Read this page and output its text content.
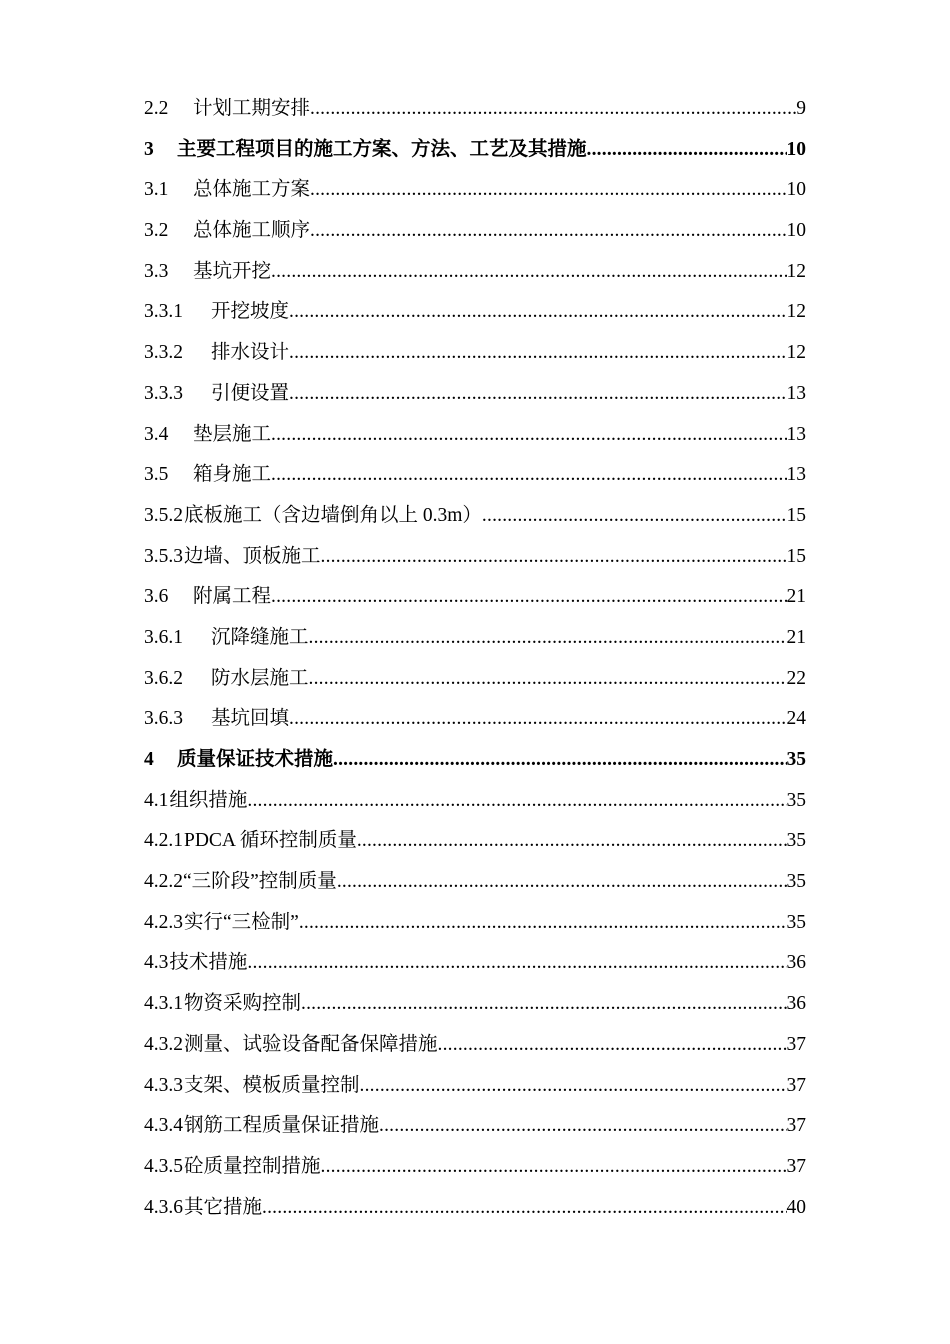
2.2	计划工期安排 .....	9
3	主要工程项目的施工方案、方法、工艺及其措施 .....	10
3.1	总体施工方案 .....	10
3.2	总体施工顺序 .....	10
3.3	基坑开挖 .....	12
3.3.1	开挖坡度 .....	12
3.3.2	排水设计 .....	12
3.3.3	引便设置 .....	13
3.4	垫层施工 .....	13
3.5	箱身施工 .....	13
3.5.2 底板施工（含边墙倒角以上 0.3m） .....	15
3.5.3 边墙、顶板施工 .....	15
3.6	附属工程 .....	21
3.6.1	沉降缝施工 .....	21
3.6.2	防水层施工 .....	22
3.6.3	基坑回填 .....	24
4	质量保证技术措施 .....	35
4.1 组织措施 .....	35
4.2.1 PDCA 循环控制质量 .....	35
4.2.2 “三阶段”控制质量 .....	35
4.2.3 实行“三检制” .....	35
4.3 技术措施 .....	36
4.3.1 物资采购控制 .....	36
4.3.2 测量、试验设备配备保障措施 .....	37
4.3.3 支架、模板质量控制 .....	37
4.3.4 钢筋工程质量保证措施 .....	37
4.3.5 砼质量控制措施 .....	37
4.3.6 其它措施 .....	40
